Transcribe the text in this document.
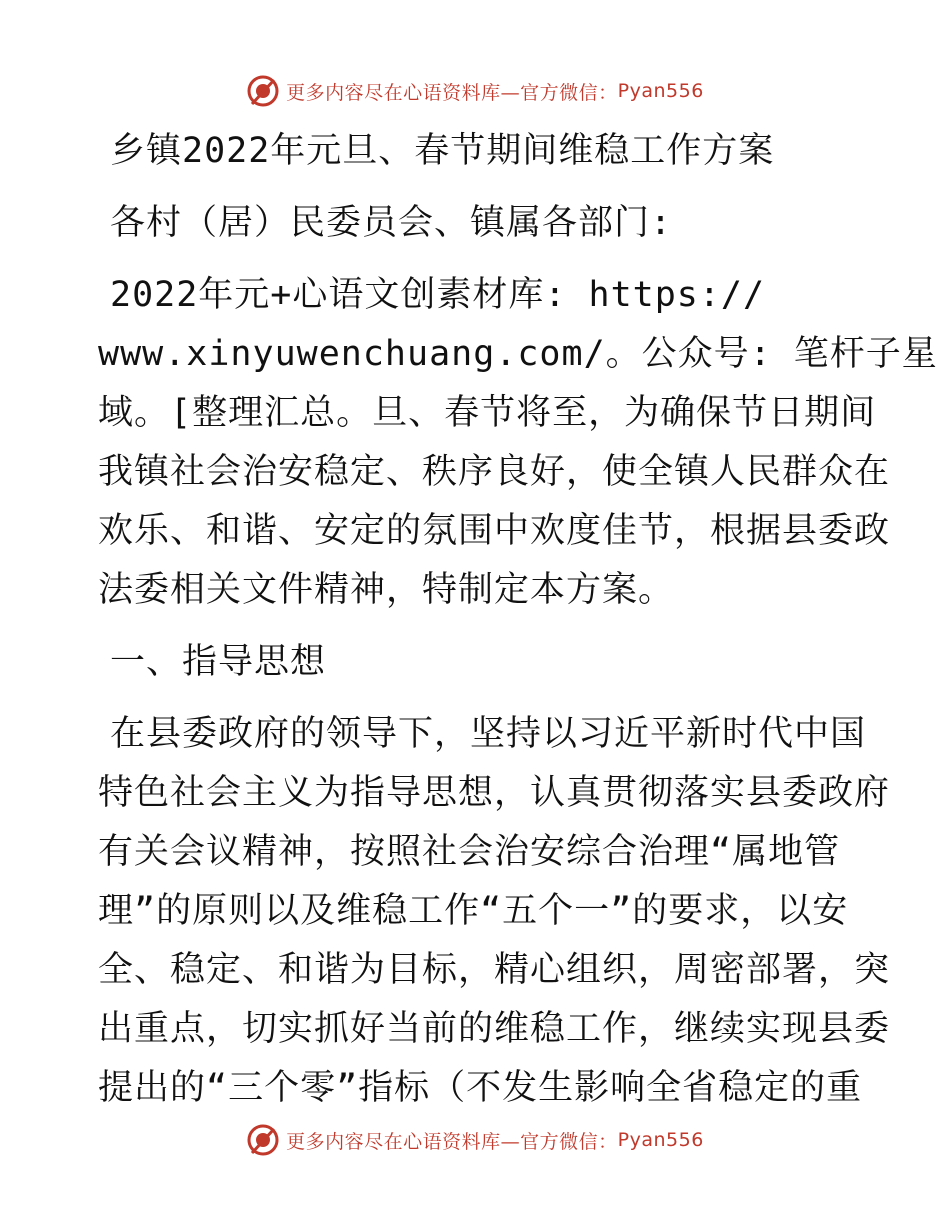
更多内容尽在心语资料库—官方微信： Pyan556
乡镇2022年元旦、春节期间维稳工作方案
各村（居）民委员会、镇属各部门:
2022年元+心语文创素材库: https://
www.xinyuwenchuang.com/。公众号: 笔杆子星
域。[整理汇总。旦、春节将至，为确保节日期间
我镇社会治安稳定、秩序良好，使全镇人民群众在
欢乐、和谐、安定的氛围中欢度佳节，根据县委政
法委相关文件精神，特制定本方案。
一、指导思想
在县委政府的领导下，坚持以习近平新时代中国
特色社会主义为指导思想，认真贯彻落实县委政府
有关会议精神，按照社会治安综合治理“属地管
理”的原则以及维稳工作“五个一”的要求，以安
全、稳定、和谐为目标，精心组织，周密部署，突
出重点，切实抓好当前的维稳工作，继续实现县委
提出的“三个零”指标（不发生影响全省稳定的重
更多内容尽在心语资料库—官方微信： Pyan556
